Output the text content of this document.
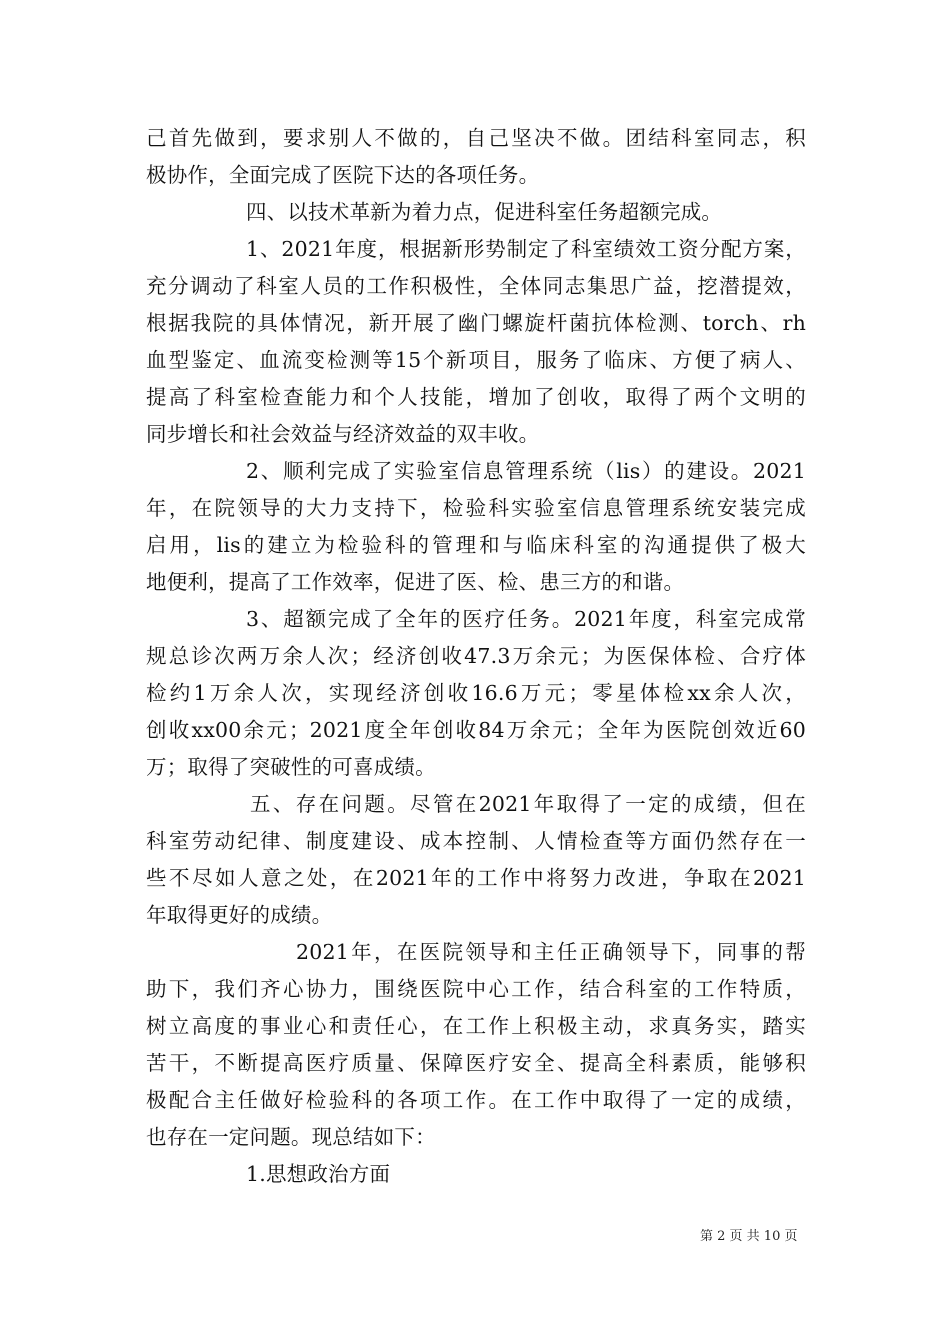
己首先做到，要求别人不做的，自己坚决不做。团结科室同志，积
极协作，全面完成了医院下达的各项任务。
四、以技术革新为着力点，促进科室任务超额完成。
1、2021年度，根据新形势制定了科室绩效工资分配方案，
充分调动了科室人员的工作积极性，全体同志集思广益，挖潜提效，
根据我院的具体情况，新开展了幽门螺旋杆菌抗体检测、torch、rh
血型鉴定、血流变检测等15个新项目，服务了临床、方便了病人、
提高了科室检查能力和个人技能，增加了创收，取得了两个文明的
同步增长和社会效益与经济效益的双丰收。
2、顺利完成了实验室信息管理系统（lis）的建设。2021
年，在院领导的大力支持下，检验科实验室信息管理系统安装完成
启用，lis的建立为检验科的管理和与临床科室的沟通提供了极大
地便利，提高了工作效率，促进了医、检、患三方的和谐。
3、超额完成了全年的医疗任务。2021年度，科室完成常
规总诊次两万余人次；经济创收47.3万余元；为医保体检、合疗体
检约1万余人次，实现经济创收16.6万元；零星体检xx余人次，
创收xx00余元；2021度全年创收84万余元；全年为医院创效近60
万；取得了突破性的可喜成绩。
五、存在问题。尽管在2021年取得了一定的成绩，但在
科室劳动纪律、制度建设、成本控制、人情检查等方面仍然存在一
些不尽如人意之处，在2021年的工作中将努力改进，争取在2021
年取得更好的成绩。
2021年，在医院领导和主任正确领导下，同事的帮
助下，我们齐心协力，围绕医院中心工作，结合科室的工作特质，
树立高度的事业心和责任心，在工作上积极主动，求真务实，踏实
苦干，不断提高医疗质量、保障医疗安全、提高全科素质，能够积
极配合主任做好检验科的各项工作。在工作中取得了一定的成绩，
也存在一定问题。现总结如下：
1.思想政治方面
第 2 页 共 10 页
